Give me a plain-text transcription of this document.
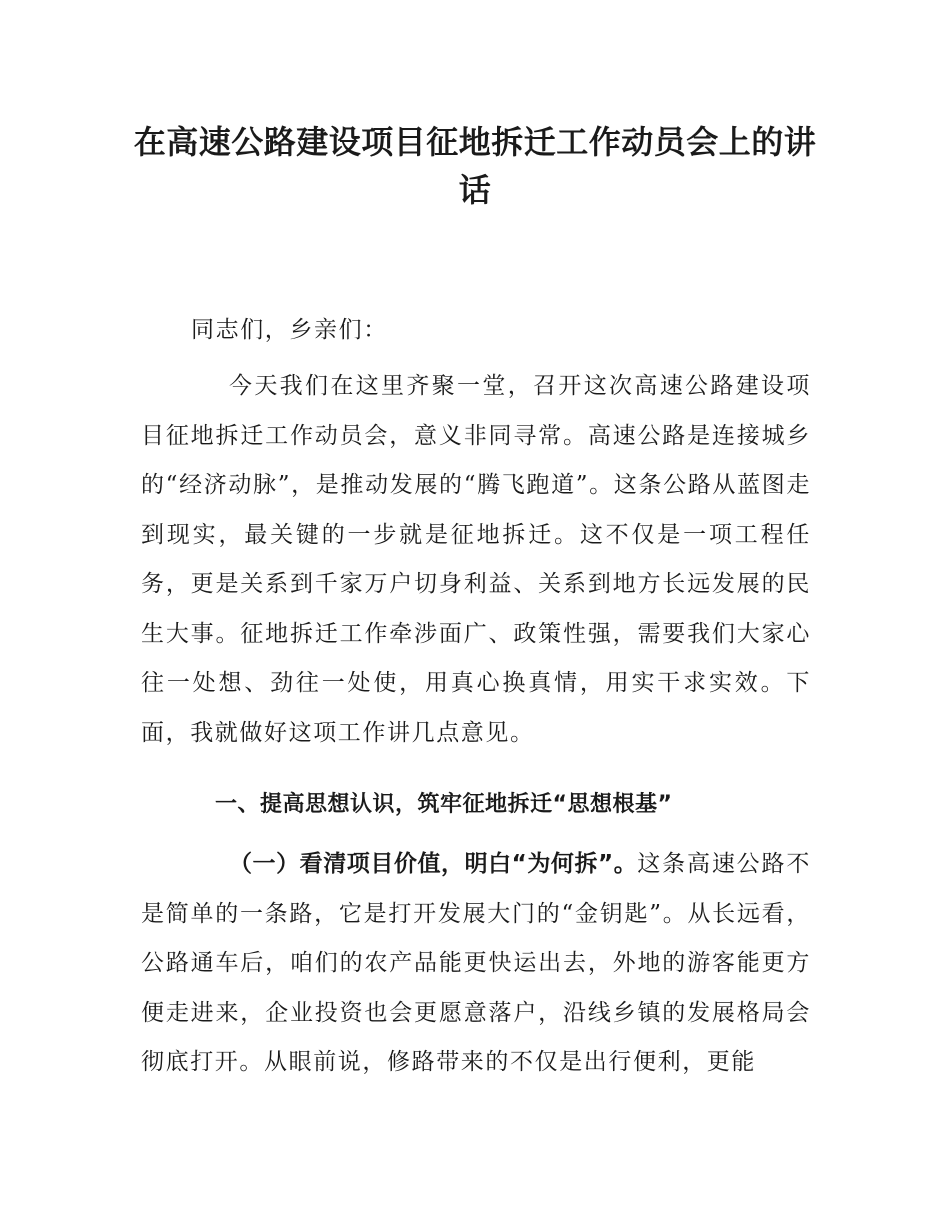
在高速公路建设项目征地拆迁工作动员会上的讲话

同志们，乡亲们：

今天我们在这里齐聚一堂，召开这次高速公路建设项目征地拆迁工作动员会，意义非同寻常。高速公路是连接城乡的“经济动脉”，是推动发展的“腾飞跑道”。这条公路从蓝图走到现实，最关键的一步就是征地拆迁。这不仅是一项工程任务，更是关系到千家万户切身利益、关系到地方长远发展的民生大事。征地拆迁工作牵涉面广、政策性强，需要我们大家心往一处想、劲往一处使，用真心换真情，用实干求实效。下面，我就做好这项工作讲几点意见。

一、提高思想认识，筑牢征地拆迁“思想根基”

（一）看清项目价值，明白“为何拆”。这条高速公路不是简单的一条路，它是打开发展大门的“金钥匙”。从长远看，公路通车后，咱们的农产品能更快运出去，外地的游客能更方便走进来，企业投资也会更愿意落户，沿线乡镇的发展格局会彻底打开。从眼前说，修路带来的不仅是出行便利，更能
